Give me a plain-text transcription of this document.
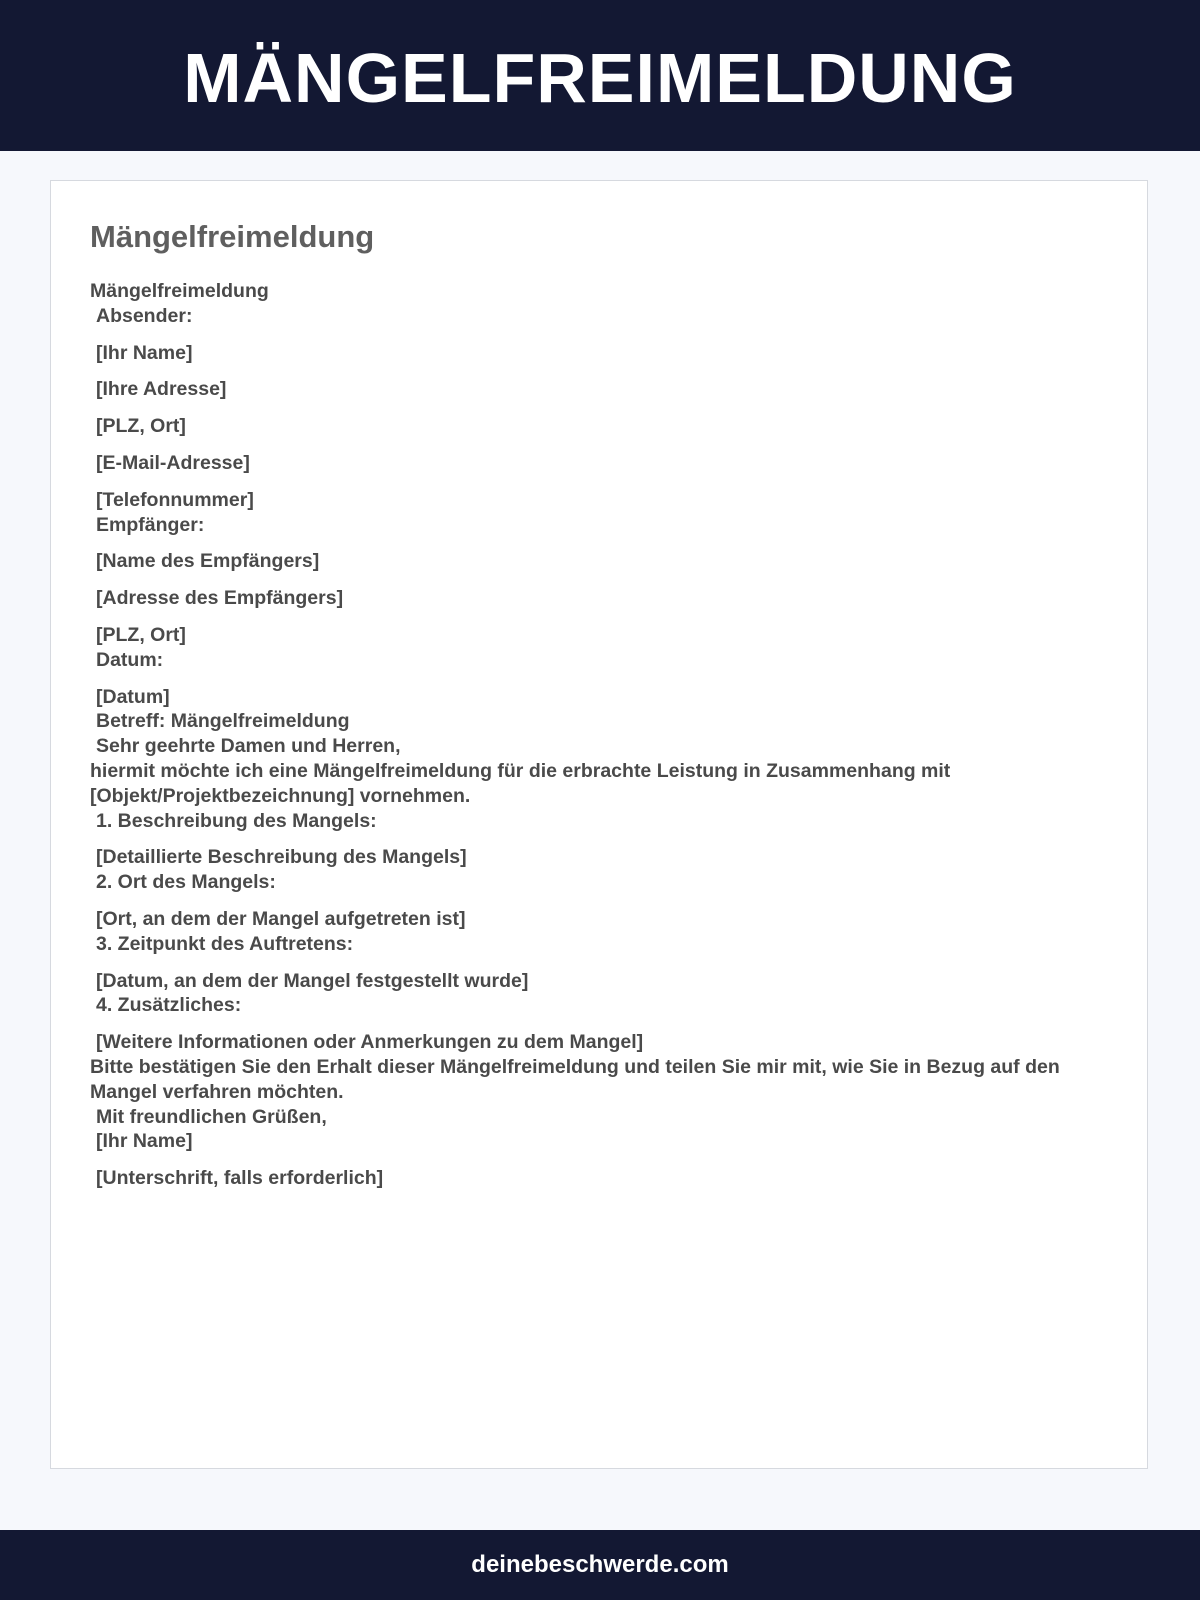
MÄNGELFREIMELDUNG
Mängelfreimeldung
Mängelfreimeldung
Absender:
[Ihr Name]
[Ihre Adresse]
[PLZ, Ort]
[E-Mail-Adresse]
[Telefonnummer]
Empfänger:
[Name des Empfängers]
[Adresse des Empfängers]
[PLZ, Ort]
Datum:
[Datum]
Betreff: Mängelfreimeldung
Sehr geehrte Damen und Herren,
hiermit möchte ich eine Mängelfreimeldung für die erbrachte Leistung in Zusammenhang mit [Objekt/Projektbezeichnung] vornehmen.
1. Beschreibung des Mangels:
[Detaillierte Beschreibung des Mangels]
2. Ort des Mangels:
[Ort, an dem der Mangel aufgetreten ist]
3. Zeitpunkt des Auftretens:
[Datum, an dem der Mangel festgestellt wurde]
4. Zusätzliches:
[Weitere Informationen oder Anmerkungen zu dem Mangel]
Bitte bestätigen Sie den Erhalt dieser Mängelfreimeldung und teilen Sie mir mit, wie Sie in Bezug auf den Mangel verfahren möchten.
Mit freundlichen Grüßen,
[Ihr Name]
[Unterschrift, falls erforderlich]
deinebeschwerde.com
